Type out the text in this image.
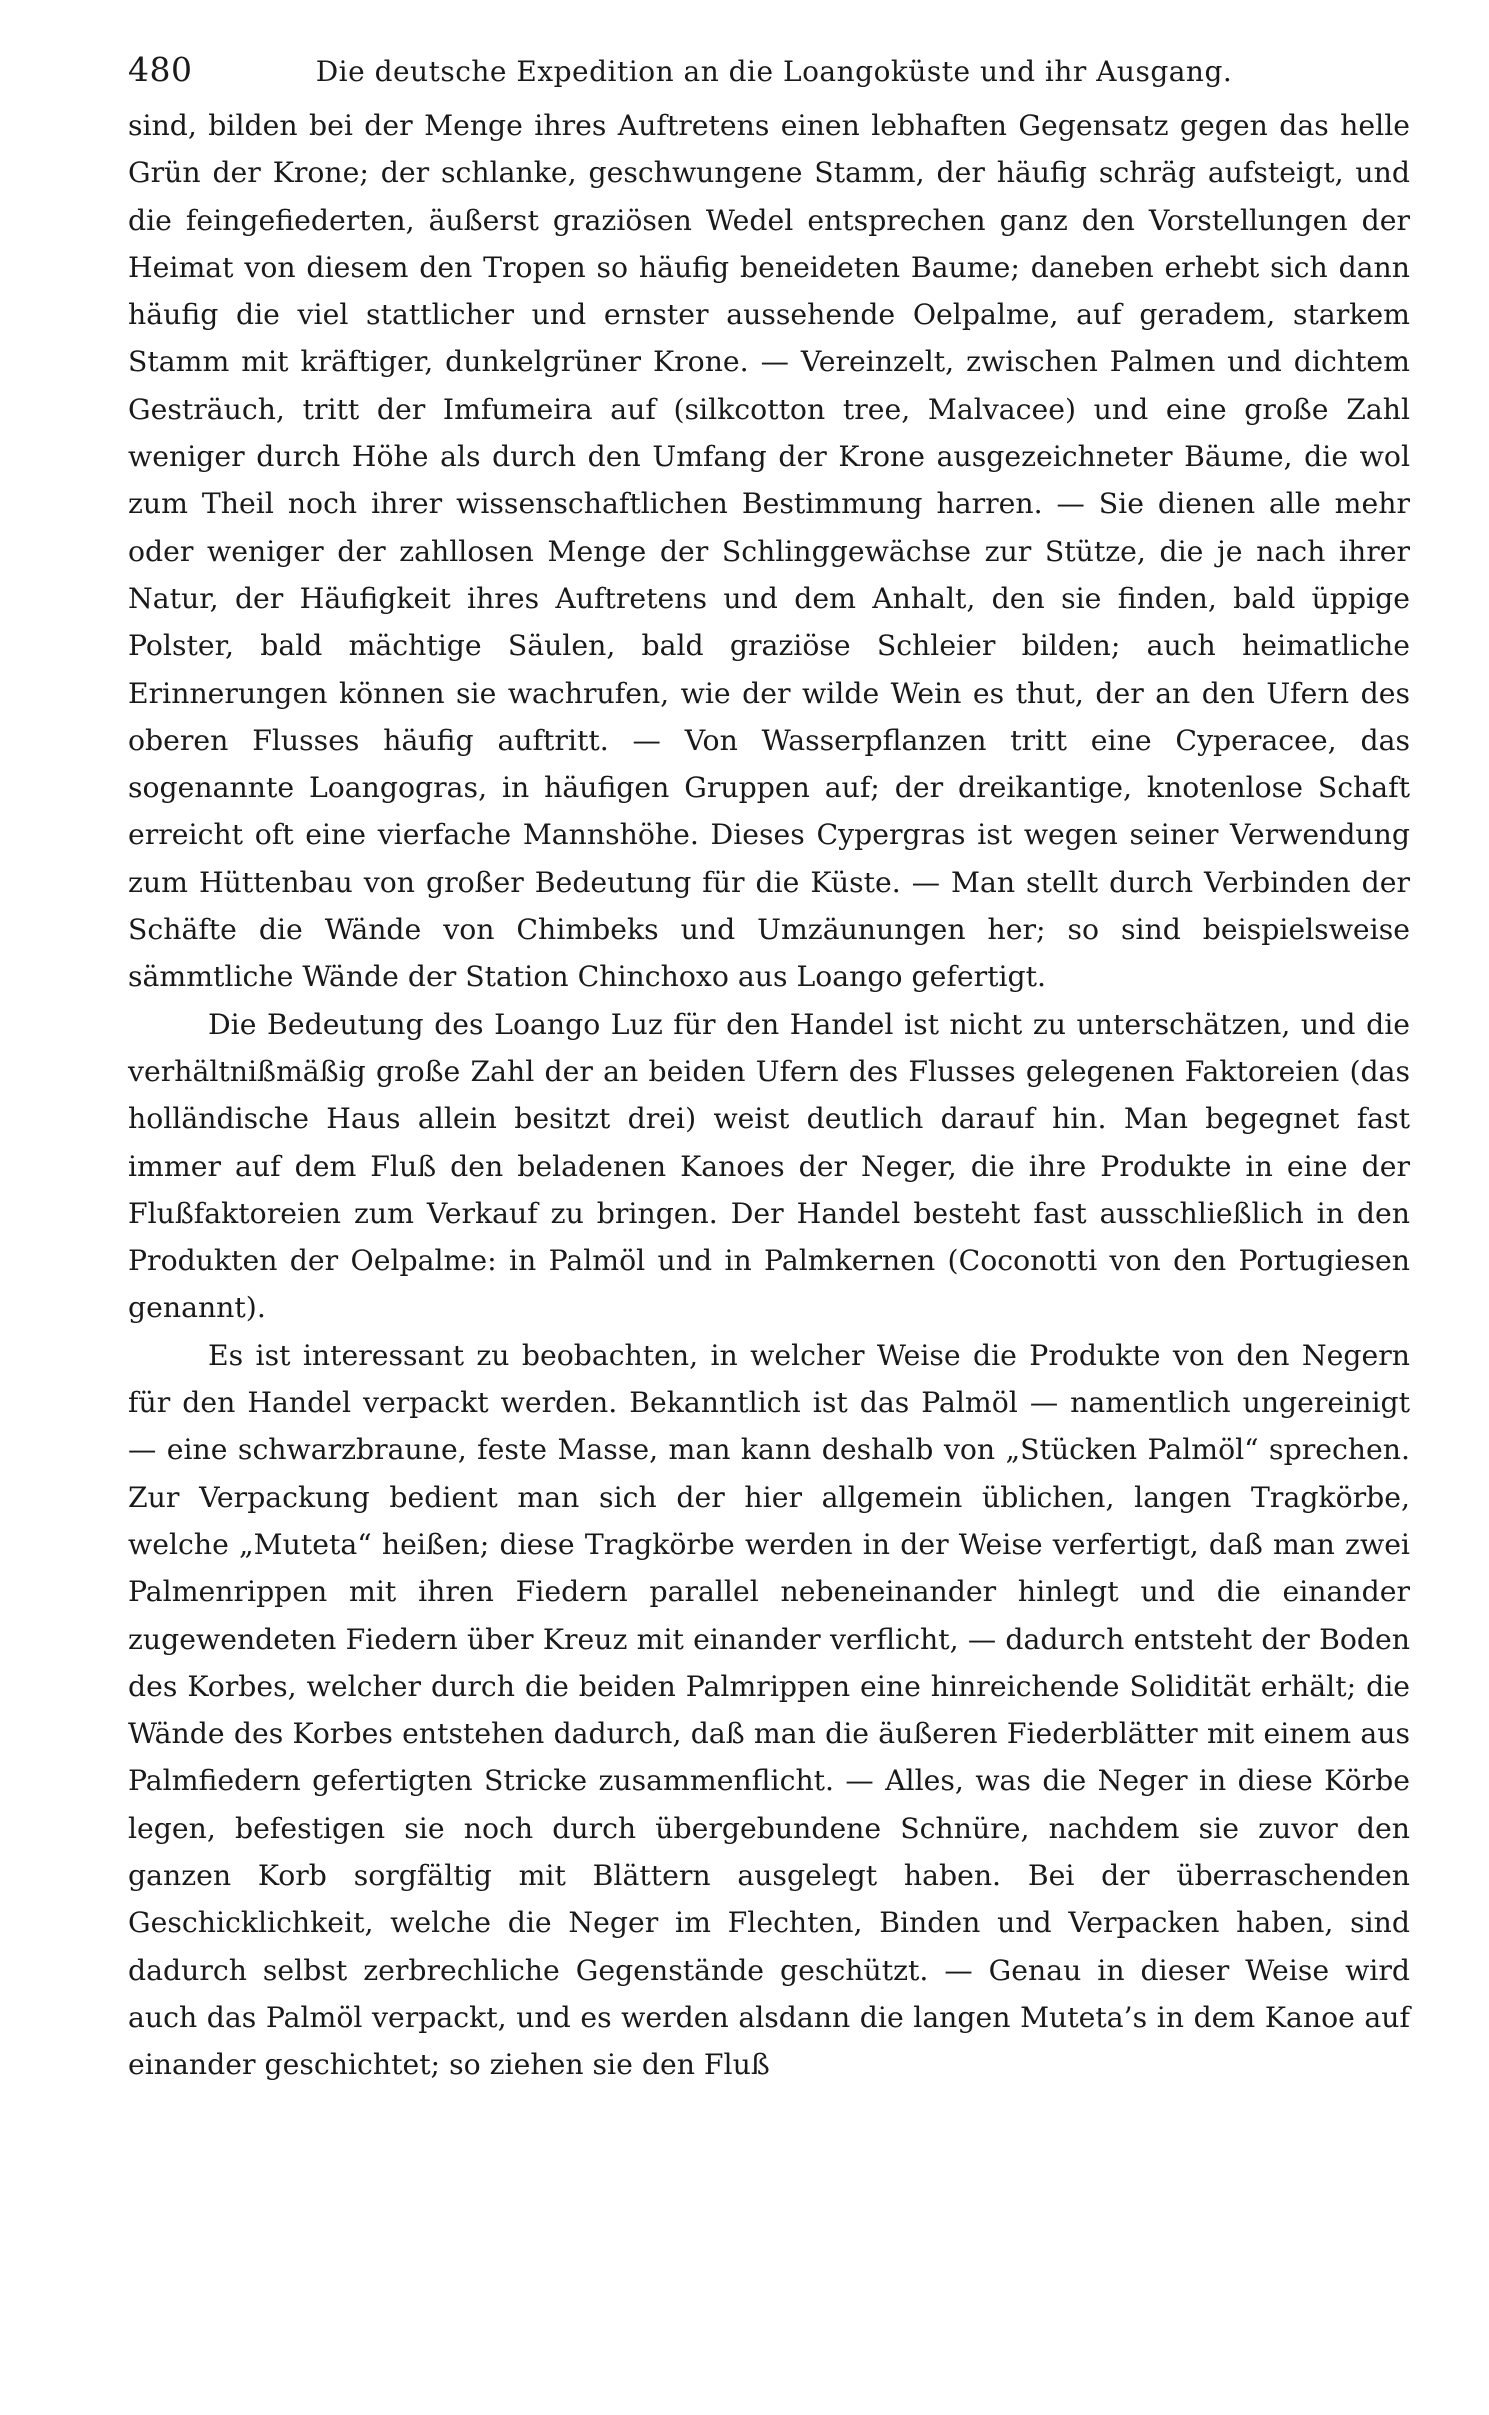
480	Die deutsche Expedition an die Loangoküste und ihr Ausgang.

sind, bilden bei der Menge ihres Auftretens einen lebhaften Gegensatz gegen das helle Grün der Krone; der schlanke, geschwungene Stamm, der häufig schräg aufsteigt, und die feingefiederten, äußerst graziösen Wedel entsprechen ganz den Vorstellungen der Heimat von diesem den Tropen so häufig beneideten Baume; daneben erhebt sich dann häufig die viel stattlicher und ernster aussehende Oelpalme, auf geradem, starkem Stamm mit kräftiger, dunkelgrüner Krone. — Vereinzelt, zwischen Palmen und dichtem Gesträuch, tritt der Imfumeira auf (silkcotton tree, Malvacee) und eine große Zahl weniger durch Höhe als durch den Umfang der Krone ausgezeichneter Bäume, die wol zum Theil noch ihrer wissenschaftlichen Bestimmung harren. — Sie dienen alle mehr oder weniger der zahllosen Menge der Schlinggewächse zur Stütze, die je nach ihrer Natur, der Häufigkeit ihres Auftretens und dem Anhalt, den sie finden, bald üppige Polster, bald mächtige Säulen, bald graziöse Schleier bilden; auch heimatliche Erinnerungen können sie wachrufen, wie der wilde Wein es thut, der an den Ufern des oberen Flusses häufig auftritt. — Von Wasserpflanzen tritt eine Cyperacee, das sogenannte Loangogras, in häufigen Gruppen auf; der dreikantige, knotenlose Schaft erreicht oft eine vierfache Mannshöhe. Dieses Cypergras ist wegen seiner Verwendung zum Hüttenbau von großer Bedeutung für die Küste. — Man stellt durch Verbinden der Schäfte die Wände von Chimbeks und Umzäunungen her; so sind beispielsweise sämmtliche Wände der Station Chinchoxo aus Loango gefertigt.

Die Bedeutung des Loango Luz für den Handel ist nicht zu unterschätzen, und die verhältnißmäßig große Zahl der an beiden Ufern des Flusses gelegenen Faktoreien (das holländische Haus allein besitzt drei) weist deutlich darauf hin. Man begegnet fast immer auf dem Fluß den beladenen Kanoes der Neger, die ihre Produkte in eine der Flußfaktoreien zum Verkauf zu bringen. Der Handel besteht fast ausschließlich in den Produkten der Oelpalme: in Palmöl und in Palmkernen (Coconotti von den Portugiesen genannt).

Es ist interessant zu beobachten, in welcher Weise die Produkte von den Negern für den Handel verpackt werden. Bekanntlich ist das Palmöl — namentlich ungereinigt — eine schwarzbraune, feste Masse, man kann deshalb von „Stücken Palmöl“ sprechen. Zur Verpackung bedient man sich der hier allgemein üblichen, langen Tragkörbe, welche „Muteta“ heißen; diese Tragkörbe werden in der Weise verfertigt, daß man zwei Palmenrippen mit ihren Fiedern parallel nebeneinander hinlegt und die einander zugewendeten Fiedern über Kreuz mit einander verflicht, — dadurch entsteht der Boden des Korbes, welcher durch die beiden Palmrippen eine hinreichende Solidität erhält; die Wände des Korbes entstehen dadurch, daß man die äußeren Fiederblätter mit einem aus Palmfiedern gefertigten Stricke zusammenflicht. — Alles, was die Neger in diese Körbe legen, befestigen sie noch durch übergebundene Schnüre, nachdem sie zuvor den ganzen Korb sorgfältig mit Blättern ausgelegt haben. Bei der überraschenden Geschicklichkeit, welche die Neger im Flechten, Binden und Verpacken haben, sind dadurch selbst zerbrechliche Gegenstände geschützt. — Genau in dieser Weise wird auch das Palmöl verpackt, und es werden alsdann die langen Muteta’s in dem Kanoe auf einander geschichtet; so ziehen sie den Fluß
